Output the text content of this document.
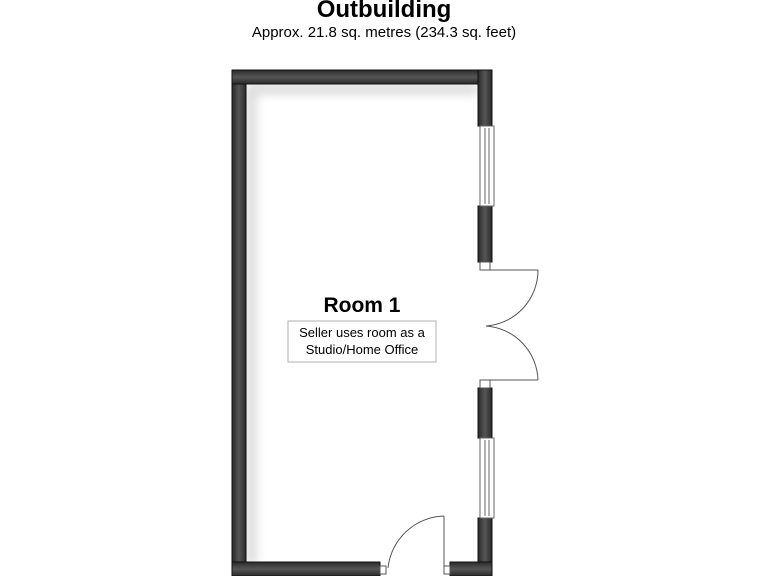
Outbuilding

Approx. 21.8 sq. metres (234.3 sq. feet)

Room 1
Seller uses room as a
Studio/Home Office
